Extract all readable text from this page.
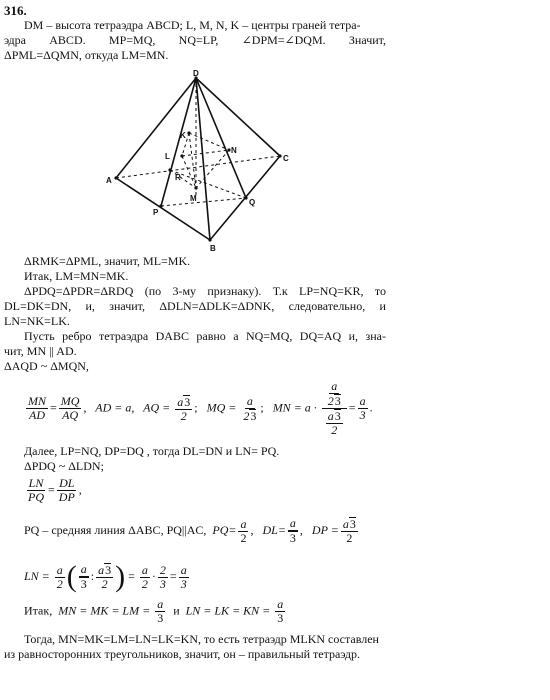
316.
DM – высота тетраэдра ABCD; L, M, N, K – центры граней тетра-
эдра ABCD. MP=MQ, NQ=LP, ∠DPM=∠DQM. Значит,
ΔPML=ΔQMN, откуда LM=MN.
D
A
B
C
P
Q
K
L
N
R
M
ΔRMK=ΔPML, значит, ML=MK.
Итак, LM=MN=MK.
ΔPDQ=ΔPDR=ΔRDQ (по 3-му признаку). Т.к LP=NQ=KR, то
DL=DK=DN, и, значит, ΔDLN=ΔDLK=ΔDNK, следовательно, и
LN=NK=LK.
Пусть ребро тетраэдра DABC равно a NQ=MQ, DQ=AQ и, зна-
чит, MN || AD.
ΔAQD ~ ΔMQN,
$\frac{MN}{AD} = \frac{MQ}{AQ}$ ,   AD = a, AQ = $\frac{a3}{2}$ ;   MQ = $\frac{a}{23}$ ;   MN = $a \cdot \frac{\frac{a}{23}}{\frac{a3}{2}} = \frac{a}{3}$ .
Далее, LP=NQ, DP=DQ , тогда DL=DN и LN= PQ.
ΔPDQ ~ ΔLDN;
$\frac{LN}{PQ} = \frac{DL}{DP}$ ,
PQ – средняя линия ΔABC, PQ||AC, $PQ= \frac{a}{2}$ ,   $DL= \frac{a}{3}$ ,   DP = $\frac{a3}{2}$
LN = $\frac{a}{2}$ ( $\frac{a}{3}$ : $\frac{a3}{2}$ ) = $\frac{a}{2} \cdot \frac{2}{3} = \frac{a}{3}$
Итак, MN = MK = LM = $\frac{a}{3}$ и LN = LK = KN = $\frac{a}{3}$
Тогда, MN=MK=LM=LN=LK=KN, то есть тетраэдр MLKN составлен
из равносторонних треугольников, значит, он – правильный тетраэдр.
